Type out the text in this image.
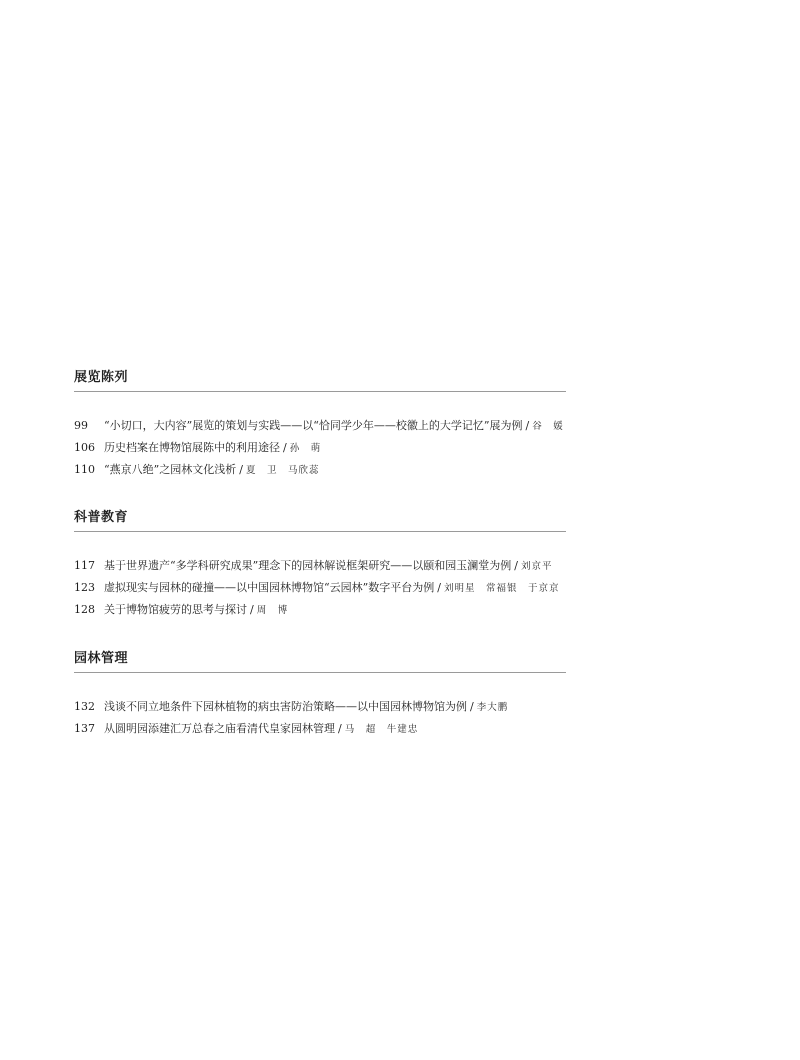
展览陈列
99	“小切口，大内容”展览的策划与实践——以“恰同学少年——校徽上的大学记忆”展为例 / 谷　媛
106 历史档案在博物馆展陈中的利用途径 / 孙　萌
110 “燕京八绝”之园林文化浅析 / 夏　卫　马欣蕊
科普教育
117 基于世界遗产“多学科研究成果”理念下的园林解说框架研究——以颐和园玉澜堂为例 / 刘京平
123 虚拟现实与园林的碰撞——以中国园林博物馆“云园林”数字平台为例 / 刘明星　常福银　于京京
128 关于博物馆疲劳的思考与探讨 / 周　博
园林管理
132 浅谈不同立地条件下园林植物的病虫害防治策略——以中国园林博物馆为例 / 李大鹏
137 从圆明园添建汇万总春之庙看清代皇家园林管理 / 马　超　牛建忠
